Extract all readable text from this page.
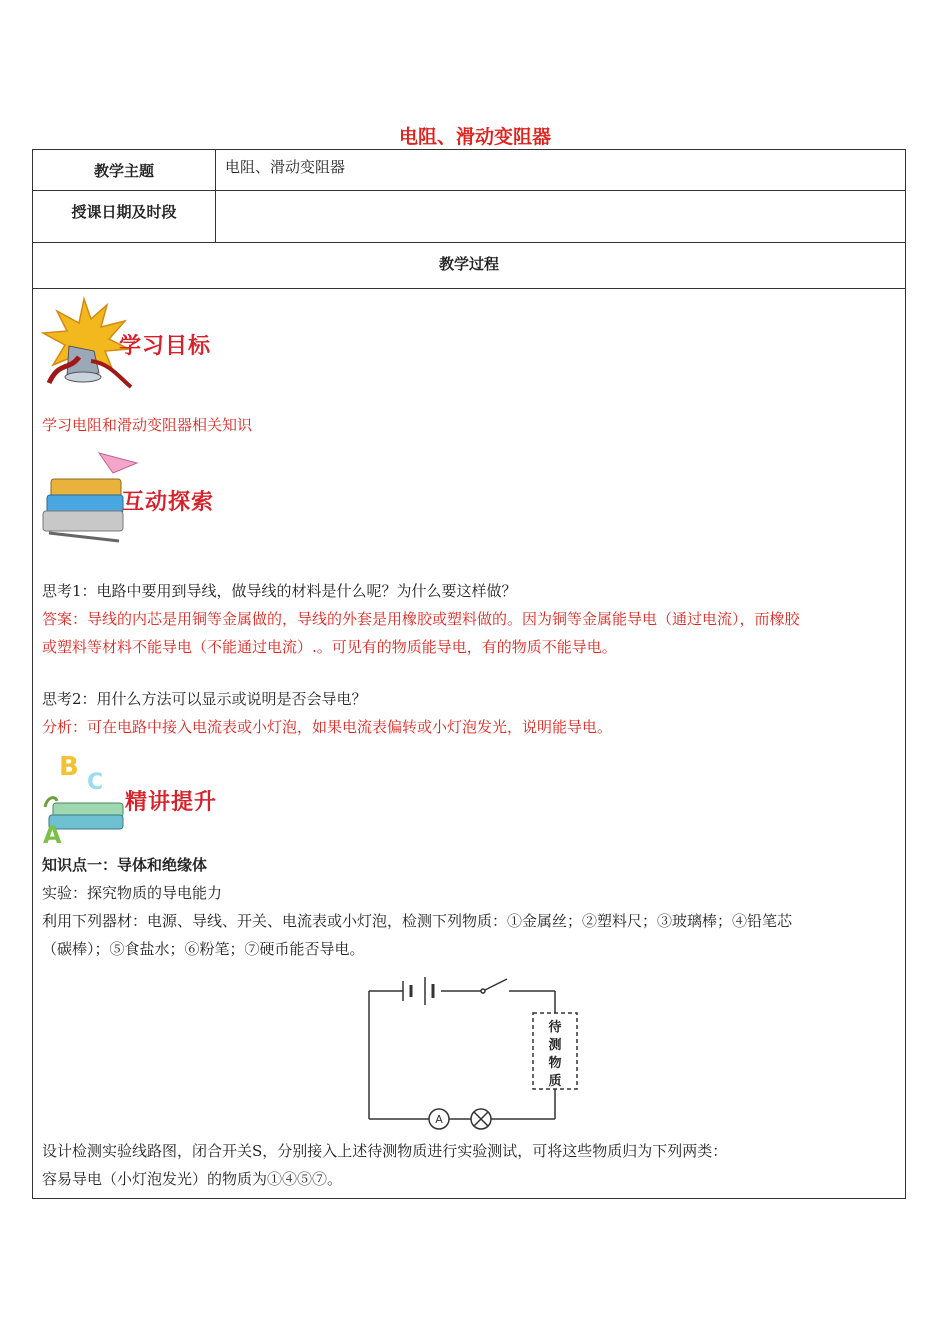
电阻、滑动变阻器
教学主题	电阻、滑动变阻器
授课日期及时段
教学过程
学习目标
学习电阻和滑动变阻器相关知识
互动探索
思考1：电路中要用到导线，做导线的材料是什么呢？为什么要这样做？
答案：导线的内芯是用铜等金属做的，导线的外套是用橡胶或塑料做的。因为铜等金属能导电（通过电流），而橡胶
或塑料等材料不能导电（不能通过电流）.。可见有的物质能导电，有的物质不能导电。
思考2：用什么方法可以显示或说明是否会导电？
分析：可在电路中接入电流表或小灯泡，如果电流表偏转或小灯泡发光，说明能导电。
B
C
A
精讲提升
知识点一：导体和绝缘体
实验：探究物质的导电能力
利用下列器材：电源、导线、开关、电流表或小灯泡，检测下列物质：①金属丝；②塑料尺；③玻璃棒；④铅笔芯
（碳棒）；⑤食盐水；⑥粉笔；⑦硬币能否导电。
A
待
测
物
质
设计检测实验线路图，闭合开关S，分别接入上述待测物质进行实验测试，可将这些物质归为下列两类：
容易导电（小灯泡发光）的物质为①④⑤⑦。
